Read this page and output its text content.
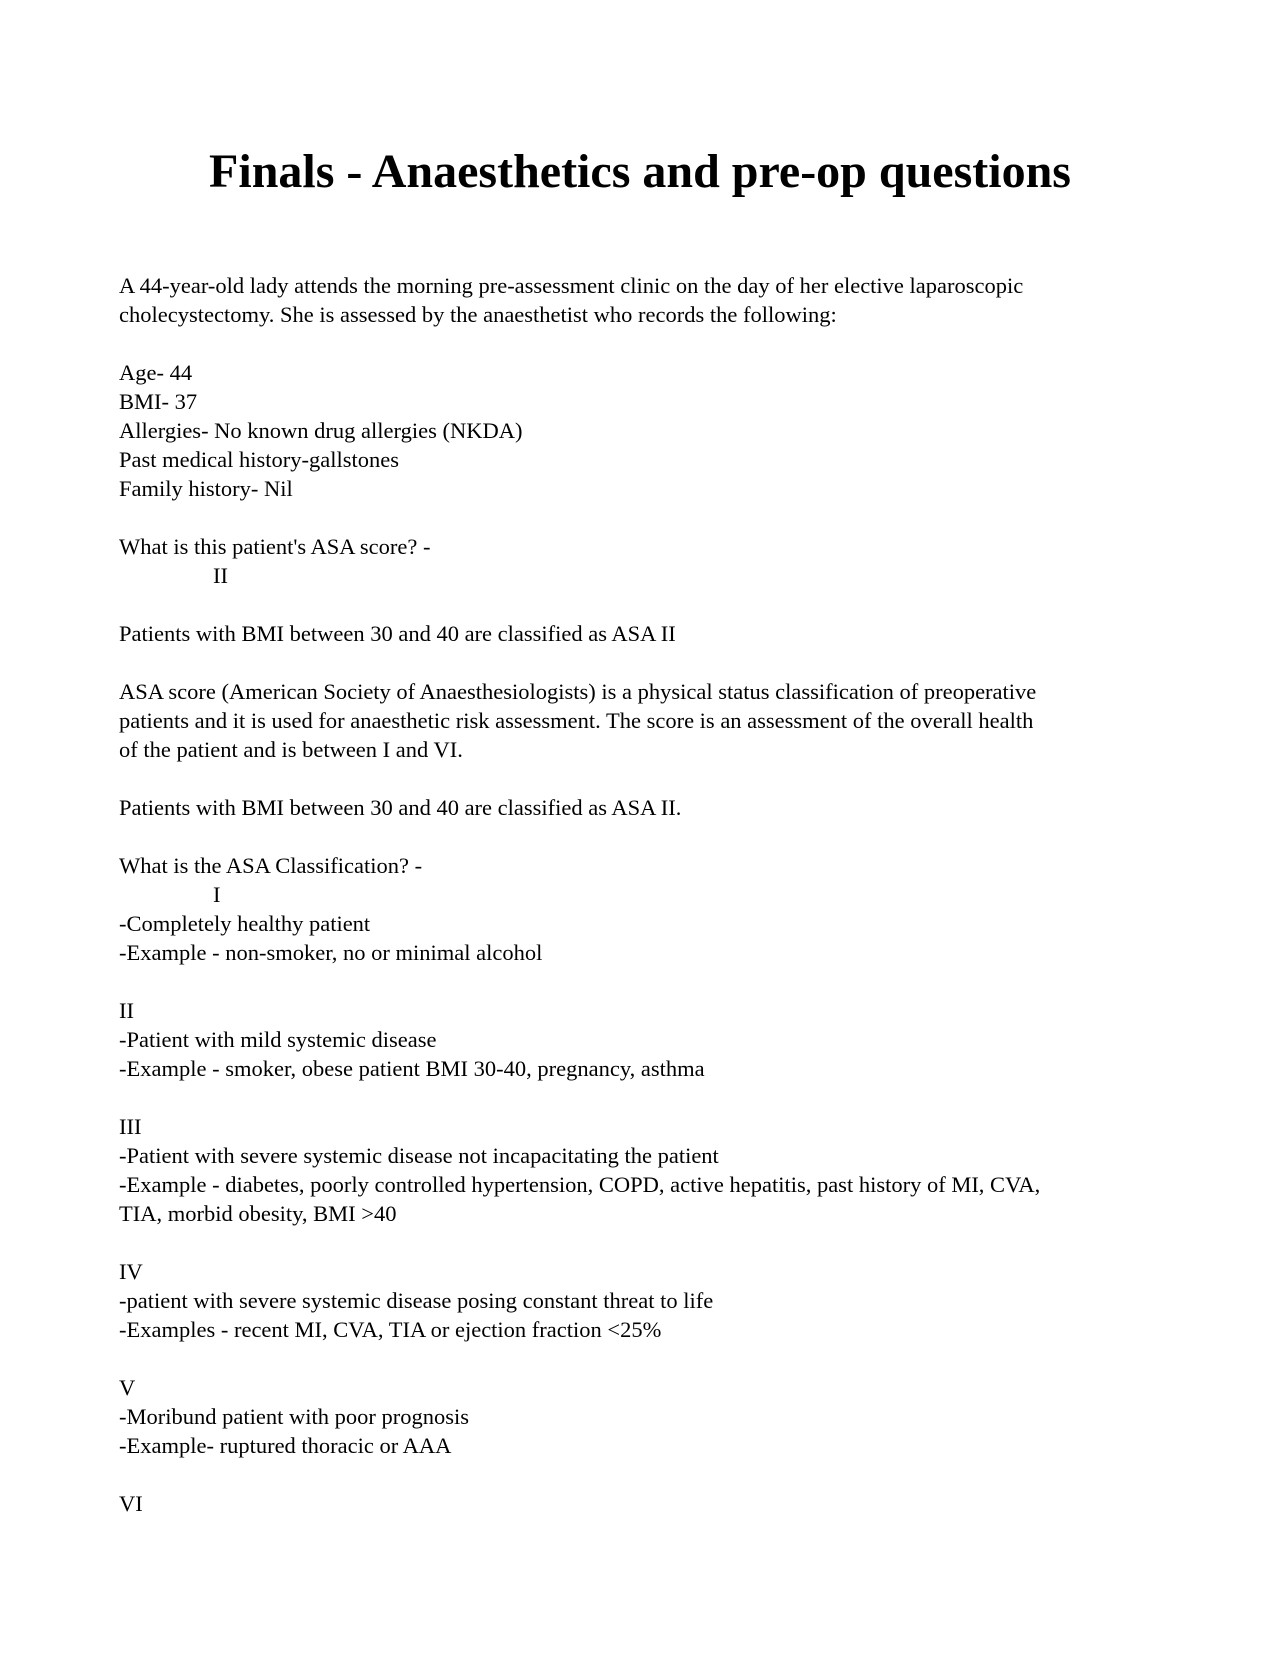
Finals - Anaesthetics and pre-op questions
A 44-year-old lady attends the morning pre-assessment clinic on the day of her elective laparoscopic
cholecystectomy. She is assessed by the anaesthetist who records the following:
Age- 44
BMI- 37
Allergies- No known drug allergies (NKDA)
Past medical history-gallstones
Family history- Nil
What is this patient's ASA score? -
II
Patients with BMI between 30 and 40 are classified as ASA II
ASA score (American Society of Anaesthesiologists) is a physical status classification of preoperative
patients and it is used for anaesthetic risk assessment. The score is an assessment of the overall health
of the patient and is between I and VI.
Patients with BMI between 30 and 40 are classified as ASA II.
What is the ASA Classification? -
I
-Completely healthy patient
-Example - non-smoker, no or minimal alcohol
II
-Patient with mild systemic disease
-Example - smoker, obese patient BMI 30-40, pregnancy, asthma
III
-Patient with severe systemic disease not incapacitating the patient
-Example - diabetes, poorly controlled hypertension, COPD, active hepatitis, past history of MI, CVA,
TIA, morbid obesity, BMI >40
IV
-patient with severe systemic disease posing constant threat to life
-Examples - recent MI, CVA, TIA or ejection fraction <25%
V
-Moribund patient with poor prognosis
-Example- ruptured thoracic or AAA
VI
